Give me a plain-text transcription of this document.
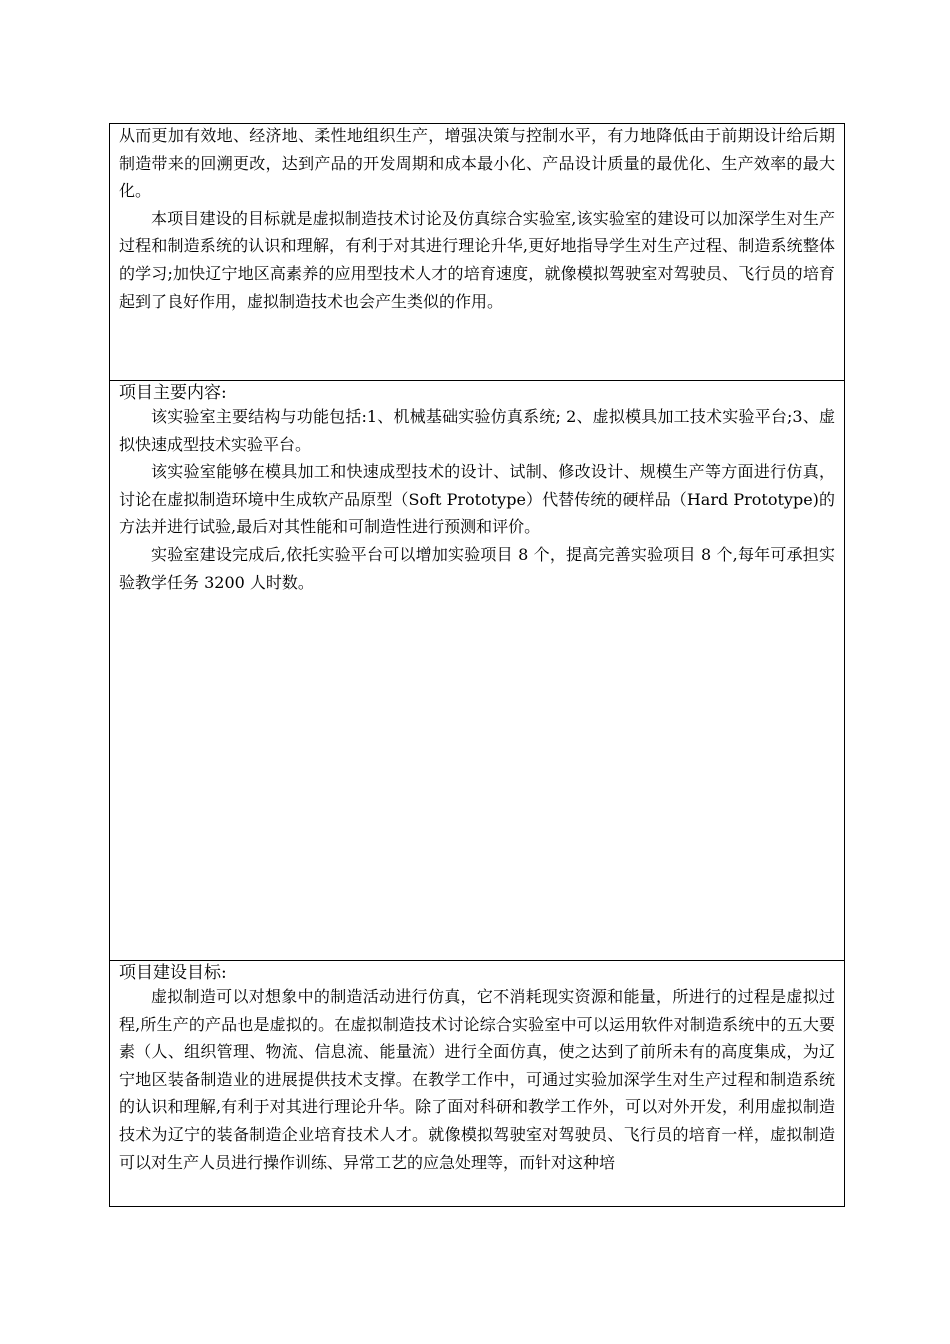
从而更加有效地、经济地、柔性地组织生产，增强决策与控制水平，有力地降低由于前期设计给后期制造带来的回溯更改，达到产品的开发周期和成本最小化、产品设计质量的最优化、生产效率的最大化。

本项目建设的目标就是虚拟制造技术讨论及仿真综合实验室,该实验室的建设可以加深学生对生产过程和制造系统的认识和理解，有利于对其进行理论升华,更好地指导学生对生产过程、制造系统整体的学习;加快辽宁地区高素养的应用型技术人才的培育速度，就像模拟驾驶室对驾驶员、飞行员的培育起到了良好作用，虚拟制造技术也会产生类似的作用。

项目主要内容:

该实验室主要结构与功能包括:1、机械基础实验仿真系统; 2、虚拟模具加工技术实验平台;3、虚拟快速成型技术实验平台。

该实验室能够在模具加工和快速成型技术的设计、试制、修改设计、规模生产等方面进行仿真，讨论在虚拟制造环境中生成软产品原型（Soft Prototype）代替传统的硬样品（Hard Prototype)的方法并进行试验,最后对其性能和可制造性进行预测和评价。

实验室建设完成后,依托实验平台可以增加实验项目 8 个，提高完善实验项目 8 个,每年可承担实验教学任务 3200 人时数。

项目建设目标:

虚拟制造可以对想象中的制造活动进行仿真，它不消耗现实资源和能量，所进行的过程是虚拟过程,所生产的产品也是虚拟的。在虚拟制造技术讨论综合实验室中可以运用软件对制造系统中的五大要素（人、组织管理、物流、信息流、能量流）进行全面仿真，使之达到了前所未有的高度集成，为辽宁地区装备制造业的进展提供技术支撑。在教学工作中，可通过实验加深学生对生产过程和制造系统的认识和理解,有利于对其进行理论升华。除了面对科研和教学工作外，可以对外开发，利用虚拟制造技术为辽宁的装备制造企业培育技术人才。就像模拟驾驶室对驾驶员、飞行员的培育一样，虚拟制造可以对生产人员进行操作训练、异常工艺的应急处理等，而针对这种培
